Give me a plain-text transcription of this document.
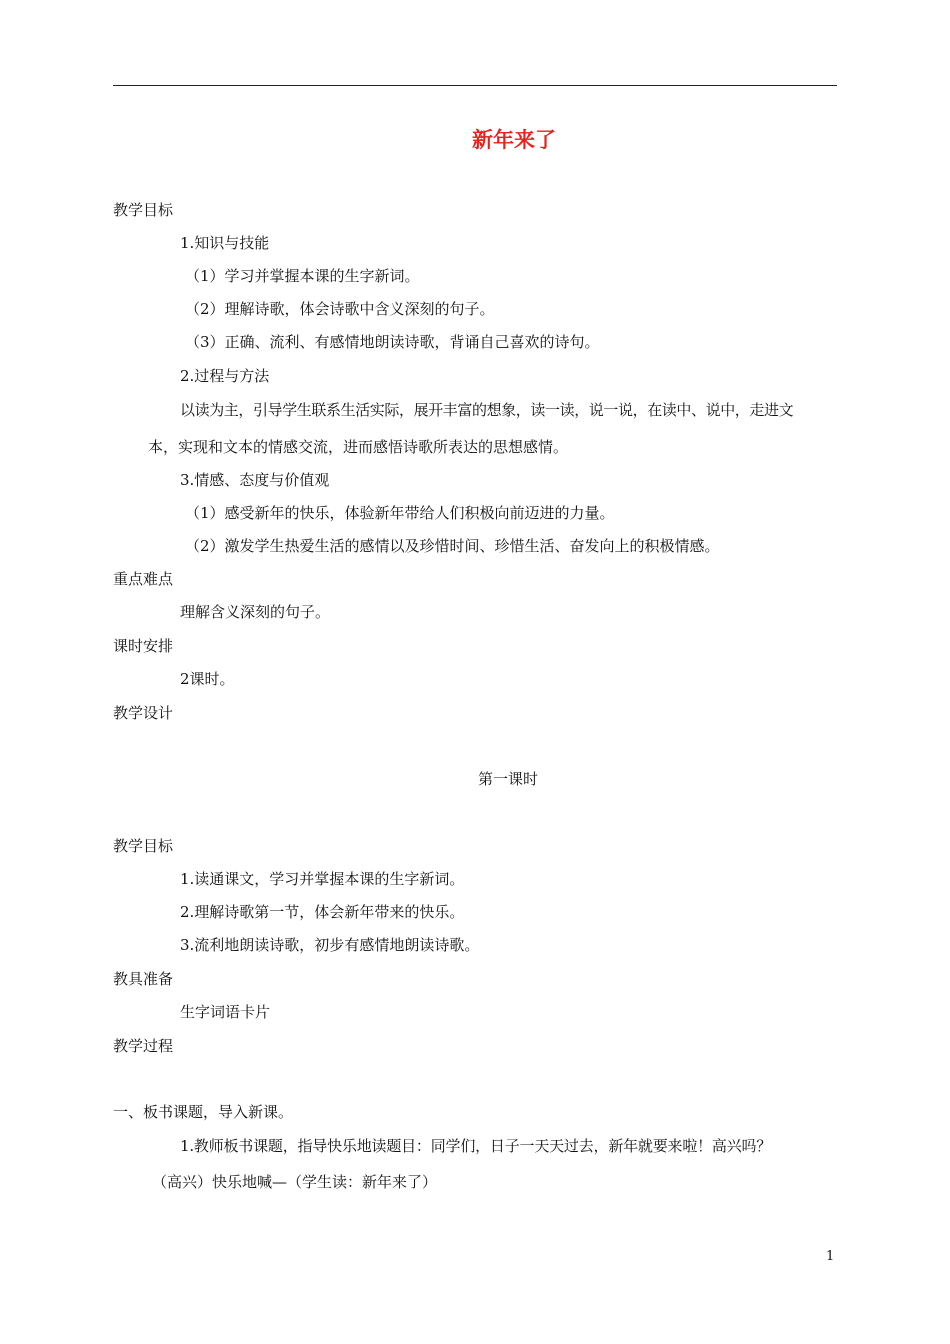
新年来了
教学目标
1.知识与技能
（1）学习并掌握本课的生字新词。
（2）理解诗歌，体会诗歌中含义深刻的句子。
（3）正确、流利、有感情地朗读诗歌，背诵自己喜欢的诗句。
2.过程与方法
以读为主，引导学生联系生活实际，展开丰富的想象，读一读，说一说，在读中、说中，走进文
本，实现和文本的情感交流，进而感悟诗歌所表达的思想感情。
3.情感、态度与价值观
（1）感受新年的快乐，体验新年带给人们积极向前迈进的力量。
（2）激发学生热爱生活的感情以及珍惜时间、珍惜生活、奋发向上的积极情感。
重点难点
理解含义深刻的句子。
课时安排
2课时。
教学设计
第一课时
教学目标
1.读通课文，学习并掌握本课的生字新词。
2.理解诗歌第一节，体会新年带来的快乐。
3.流利地朗读诗歌，初步有感情地朗读诗歌。
教具准备
生字词语卡片
教学过程
一、板书课题，导入新课。
1.教师板书课题，指导快乐地读题目：同学们，日子一天天过去，新年就要来啦！高兴吗？
（高兴）快乐地喊—（学生读：新年来了）
1
